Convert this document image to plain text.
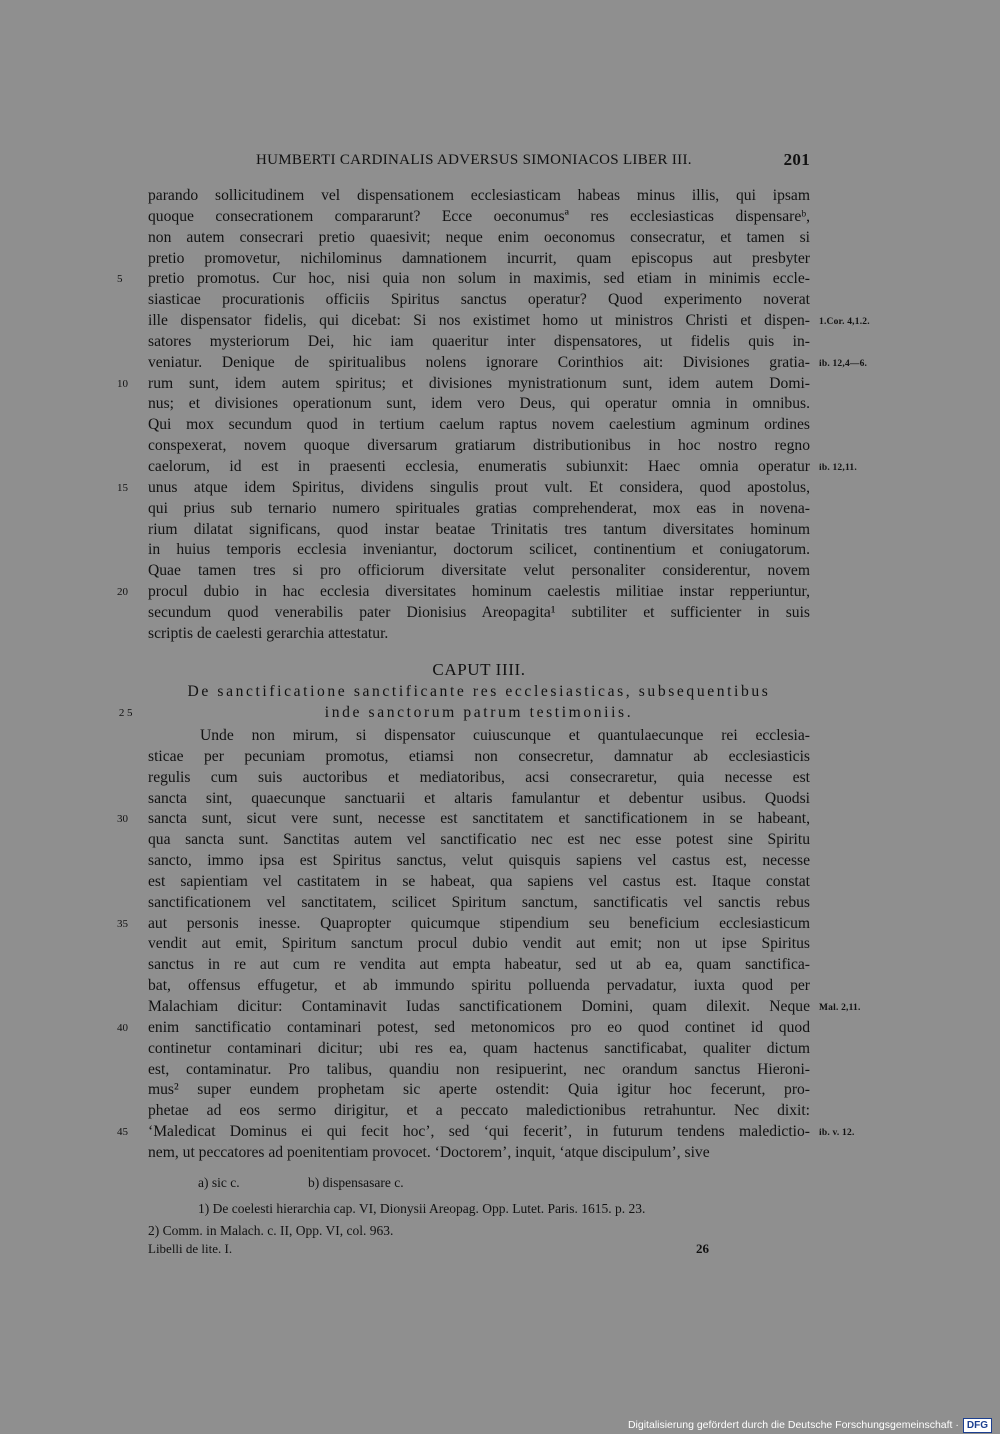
HUMBERTI CARDINALIS ADVERSUS SIMONIACOS LIBER III.	201
parando sollicitudinem vel dispensationem ecclesiasticam habeas minus illis, qui ipsam
quoque consecrationem compararunt? Ecce oeconumusª res ecclesiasticas dispensareᵇ,
non autem consecrari pretio quaesivit; neque enim oeconomus consecratur, et tamen si
pretio promovetur, nichilominus damnationem incurrit, quam episcopus aut presbyter
5	pretio promotus. Cur hoc, nisi quia non solum in maximis, sed etiam in minimis eccle-
siasticae procurationis officiis Spiritus sanctus operatur? Quod experimento noverat
ille dispensator fidelis, qui dicebat: Si nos existimet homo ut ministros Christi et dispen- 1.Cor. 4,1.2.
satores mysteriorum Dei, hic iam quaeritur inter dispensatores, ut fidelis quis in-
veniatur. Denique de spiritualibus nolens ignorare Corinthios ait: Divisiones gratia- ib. 12,4—6.
10	rum sunt, idem autem spiritus; et divisiones mynistrationum sunt, idem autem Domi-
nus; et divisiones operationum sunt, idem vero Deus, qui operatur omnia in omnibus.
Qui mox secundum quod in tertium caelum raptus novem caelestium agminum ordines
conspexerat, novem quoque diversarum gratiarum distributionibus in hoc nostro regno
caelorum, id est in praesenti ecclesia, enumeratis subiunxit: Haec omnia operatur ib. 12,11.
15	unus atque idem Spiritus, dividens singulis prout vult. Et considera, quod apostolus,
qui prius sub ternario numero spirituales gratias comprehenderat, mox eas in novena-
rium dilatat significans, quod instar beatae Trinitatis tres tantum diversitates hominum
in huius temporis ecclesia inveniantur, doctorum scilicet, continentium et coniugatorum.
Quae tamen tres si pro officiorum diversitate velut personaliter considerentur, novem
20	procul dubio in hac ecclesia diversitates hominum caelestis militiae instar repperiuntur,
secundum quod venerabilis pater Dionisius Areopagita¹ subtiliter et sufficienter in suis
scriptis de caelesti gerarchia attestatur.
CAPUT IIII.
De sanctificatione sanctificante res ecclesiasticas, subsequentibus
25	inde sanctorum patrum testimoniis.
Unde non mirum, si dispensator cuiuscunque et quantulaecunque rei ecclesia-
sticae per pecuniam promotus, etiamsi non consecretur, damnatur ab ecclesiasticis
regulis cum suis auctoribus et mediatoribus, acsi consecraretur, quia necesse est
sancta sint, quaecunque sanctuarii et altaris famulantur et debentur usibus. Quodsi
30	sancta sunt, sicut vere sunt, necesse est sanctitatem et sanctificationem in se habeant,
qua sancta sunt. Sanctitas autem vel sanctificatio nec est nec esse potest sine Spiritu
sancto, immo ipsa est Spiritus sanctus, velut quisquis sapiens vel castus est, necesse
est sapientiam vel castitatem in se habeat, qua sapiens vel castus est. Itaque constat
sanctificationem vel sanctitatem, scilicet Spiritum sanctum, sanctificatis vel sanctis rebus
35	aut personis inesse. Quapropter quicumque stipendium seu beneficium ecclesiasticum
vendit aut emit, Spiritum sanctum procul dubio vendit aut emit; non ut ipse Spiritus
sanctus in re aut cum re vendita aut empta habeatur, sed ut ab ea, quam sanctifica-
bat, offensus effugetur, et ab immundo spiritu polluenda pervadatur, iuxta quod per
Malachiam dicitur: Contaminavit Iudas sanctificationem Domini, quam dilexit. Neque Mal. 2,11.
40	enim sanctificatio contaminari potest, sed metonomicos pro eo quod continet id quod
continetur contaminari dicitur; ubi res ea, quam hactenus sanctificabat, qualiter dictum
est, contaminatur. Pro talibus, quandiu non resipuerint, nec orandum sanctus Hieroni-
mus² super eundem prophetam sic aperte ostendit: Quia igitur hoc fecerunt, pro-
phetae ad eos sermo dirigitur, et a peccato maledictionibus retrahuntur. Nec dixit:
45	‘Maledicat Dominus ei qui fecit hoc’, sed ‘qui fecerit’, in futurum tendens maledictio- ib. v. 12.
nem, ut peccatores ad poenitentiam provocet. ‘Doctorem’, inquit, ‘atque discipulum’, sive
a) sic c.	b) dispensasare c.
1) De coelesti hierarchia cap. VI, Dionysii Areopag. Opp. Lutet. Paris. 1615. p. 23.
2) Comm. in Malach. c. II, Opp. VI, col. 963.
Libelli de lite. I.	26
Digitalisierung gefördert durch die Deutsche Forschungsgemeinschaft · DFG
